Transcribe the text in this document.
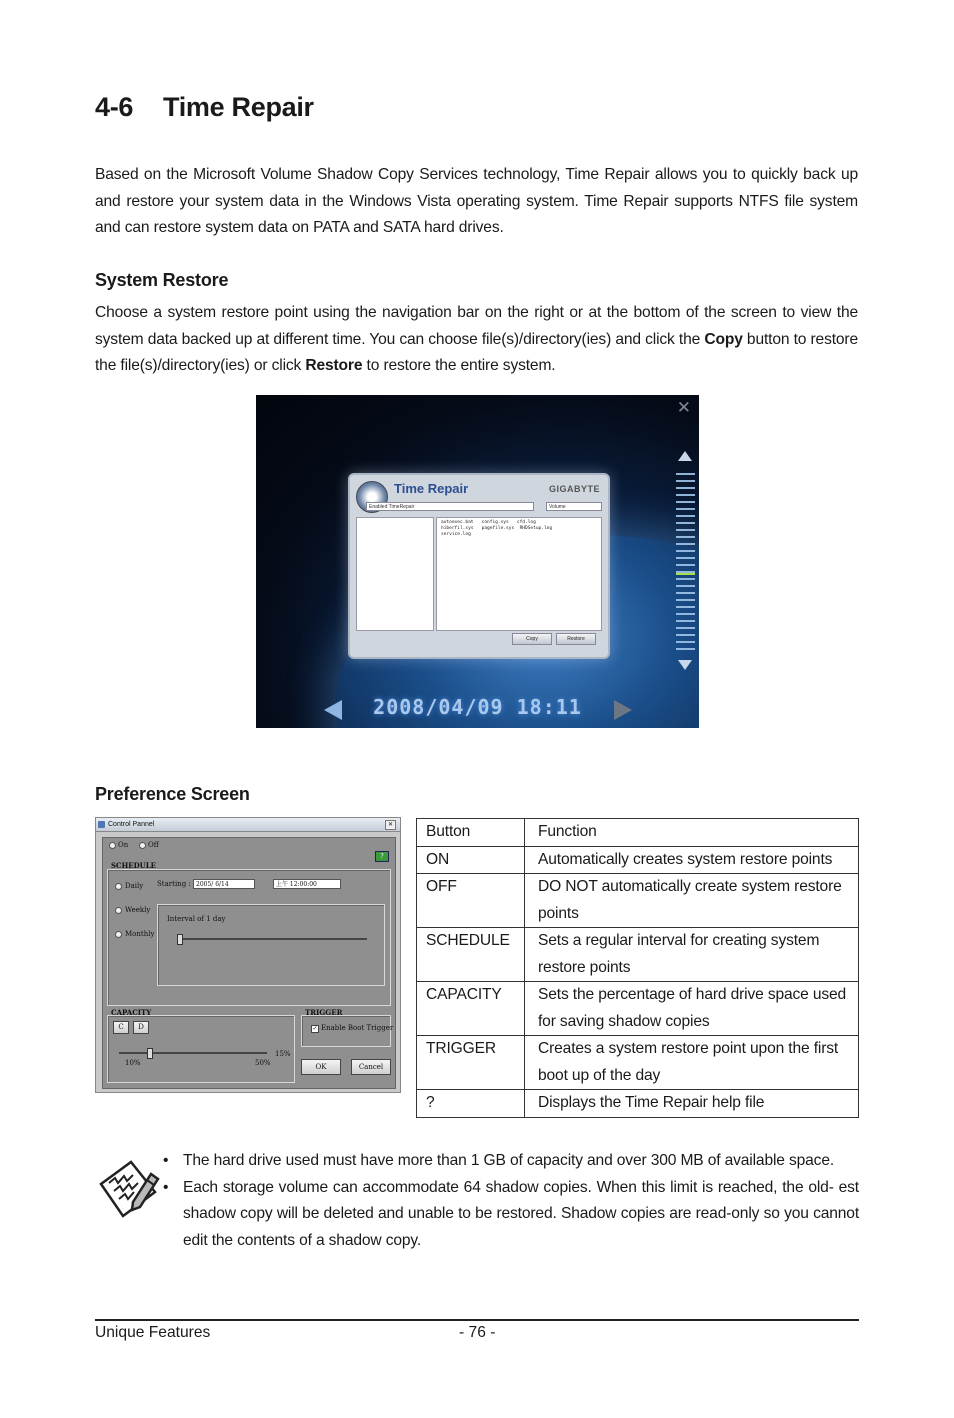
4-6 Time Repair
Based on the Microsoft Volume Shadow Copy Services technology, Time Repair allows you to quickly back up and restore your system data in the Windows Vista operating system. Time Repair supports NTFS file system and can restore system data on PATA and SATA hard drives.
System Restore
Choose a system restore point using the navigation bar on the right or at the bottom of the screen to view the system data backed up at different time. You can choose file(s)/directory(ies) and click the Copy button to restore the file(s)/directory(ies) or click Restore to restore the entire system.
✕
Time Repair	GIGABYTE
Enabled TimeRepair	Volume
autoexec.bat   config.sys   cfd.log
hiberfil.sys   pagefile.sys  RHDSetup.log
service.log
Copy	Restore
2008/04/09 18:11
Preference Screen
Control Pannel	✕
On	Off
?
SCHEDULE
Daily
Weekly
Monthly
Starting : 2005/ 6/14	上午 12:00:00
Interval of 1 day
CAPACITY
C	D
10%	50%
15%
TRIGGER
✓ Enable Boot Trigger
OK	Cancel
Button	Function
ON	Automatically creates system restore points
OFF	DO NOT automatically create system restore points
SCHEDULE	Sets a regular interval for creating system restore points
CAPACITY	Sets the percentage of hard drive space used for saving shadow copies
TRIGGER	Creates a system restore point upon the first boot up of the day
?	Displays the Time Repair help file
• The hard drive used must have more than 1 GB of capacity and over 300 MB of available space.
• Each storage volume can accommodate 64 shadow copies. When this limit is reached, the old- est shadow copy will be deleted and unable to be restored. Shadow copies are read-only so you cannot edit the contents of a shadow copy.
Unique Features	- 76 -
